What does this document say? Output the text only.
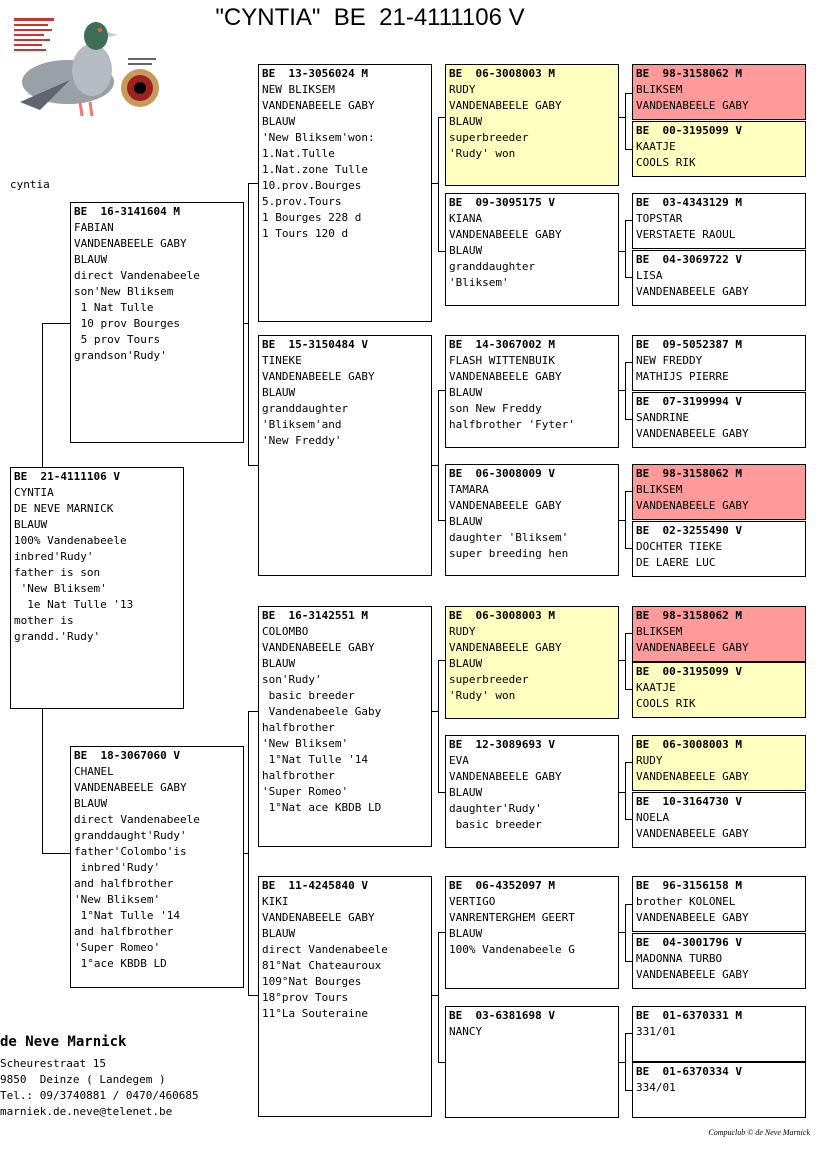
"CYNTIA"  BE  21-4111106 V
cyntia
BE  21-4111106 V
CYNTIA
DE NEVE MARNICK
BLAUW
100% Vandenabeele
inbred'Rudy'
father is son
'New Bliksem'
1e Nat Tulle '13
mother is
grandd.'Rudy'
BE  16-3141604 M
FABIAN
VANDENABEELE GABY
BLAUW
direct Vandenabeele
son'New Bliksem
1 Nat Tulle
10 prov Bourges
5 prov Tours
grandson'Rudy'
BE  18-3067060 V
CHANEL
VANDENABEELE GABY
BLAUW
direct Vandenabeele
granddaught'Rudy'
father'Colombo'is
inbred'Rudy'
and halfbrother
'New Bliksem'
1°Nat Tulle '14
and halfbrother
'Super Romeo'
1°ace KBDB LD
BE  13-3056024 M
NEW BLIKSEM
VANDENABEELE GABY
BLAUW
'New Bliksem'won:
1.Nat.Tulle
1.Nat.zone Tulle
10.prov.Bourges
5.prov.Tours
1 Bourges 228 d
1 Tours 120 d
BE  15-3150484 V
TINEKE
VANDENABEELE GABY
BLAUW
granddaughter
'Bliksem'and
'New Freddy'
BE  16-3142551 M
COLOMBO
VANDENABEELE GABY
BLAUW
son'Rudy'
basic breeder
Vandenabeele Gaby
halfbrother
'New Bliksem'
1°Nat Tulle '14
halfbrother
'Super Romeo'
1°Nat ace KBDB LD
BE  11-4245840 V
KIKI
VANDENABEELE GABY
BLAUW
direct Vandenabeele
81°Nat Chateauroux
109°Nat Bourges
18°prov Tours
11°La Souteraine
BE  06-3008003 M
RUDY
VANDENABEELE GABY
BLAUW
superbreeder
'Rudy' won
BE  09-3095175 V
KIANA
VANDENABEELE GABY
BLAUW
granddaughter
'Bliksem'
BE  14-3067002 M
FLASH WITTENBUIK
VANDENABEELE GABY
BLAUW
son New Freddy
halfbrother 'Fyter'
BE  06-3008009 V
TAMARA
VANDENABEELE GABY
BLAUW
daughter 'Bliksem'
super breeding hen
BE  06-3008003 M
RUDY
VANDENABEELE GABY
BLAUW
superbreeder
'Rudy' won
BE  12-3089693 V
EVA
VANDENABEELE GABY
BLAUW
daughter'Rudy'
basic breeder
BE  06-4352097 M
VERTIGO
VANRENTERGHEM GEERT
BLAUW
100% Vandenabeele G
BE  03-6381698 V
NANCY
BE  98-3158062 M
BLIKSEM
VANDENABEELE GABY
BE  00-3195099 V
KAATJE
COOLS RIK
BE  03-4343129 M
TOPSTAR
VERSTAETE RAOUL
BE  04-3069722 V
LISA
VANDENABEELE GABY
BE  09-5052387 M
NEW FREDDY
MATHIJS PIERRE
BE  07-3199994 V
SANDRINE
VANDENABEELE GABY
BE  98-3158062 M
BLIKSEM
VANDENABEELE GABY
BE  02-3255490 V
DOCHTER TIEKE
DE LAERE LUC
BE  98-3158062 M
BLIKSEM
VANDENABEELE GABY
BE  00-3195099 V
KAATJE
COOLS RIK
BE  06-3008003 M
RUDY
VANDENABEELE GABY
BE  10-3164730 V
NOELA
VANDENABEELE GABY
BE  96-3156158 M
brother KOLONEL
VANDENABEELE GABY
BE  04-3001796 V
MADONNA TURBO
VANDENABEELE GABY
BE  01-6370331 M
331/01
BE  01-6370334 V
334/01
de Neve Marnick
Scheurestraat 15
9850  Deinze ( Landegem )
Tel.: 09/3740881 / 0470/460685
marniek.de.neve@telenet.be
Compuclub © de Neve Marnick
